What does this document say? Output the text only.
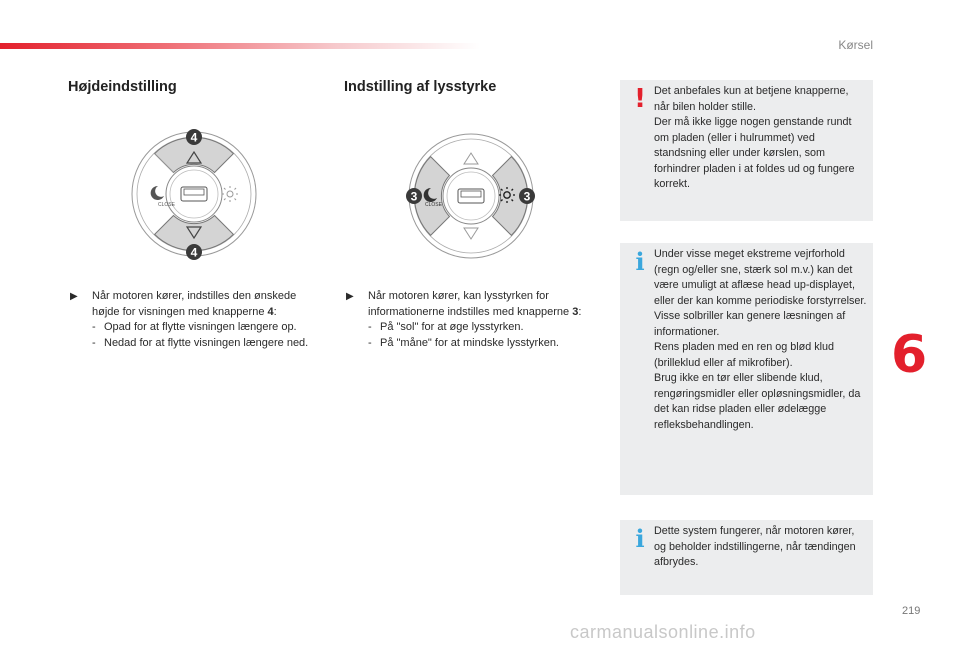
Kørsel
Højdeindstilling	Indstilling af lysstyrke
CLOSE
4
4
CLOSE
3	3
▶	Når motoren kører, indstilles den ønskede højde for visningen med knapperne 4:
- Opad for at flytte visningen længere op.
- Nedad for at flytte visningen længere ned.
▶	Når motoren kører, kan lysstyrken for informationerne indstilles med knapperne 3:
- På "sol" for at øge lysstyrken.
- På "måne" for at mindske lysstyrken.
! Det anbefales kun at betjene knapperne, når bilen holder stille.
Der må ikke ligge nogen genstande rundt om pladen (eller i hulrummet) ved standsning eller under kørslen, som forhindrer pladen i at foldes ud og fungere korrekt.
i Under visse meget ekstreme vejrforhold (regn og/eller sne, stærk sol m.v.) kan det være umuligt at aflæse head up-displayet, eller der kan komme periodiske forstyrrelser.
Visse solbriller kan genere læsningen af informationer.
Rens pladen med en ren og blød klud (brilleklud eller af mikrofiber).
Brug ikke en tør eller slibende klud, rengøringsmidler eller opløsningsmidler, da det kan ridse pladen eller ødelægge refleksbehandlingen.
i Dette system fungerer, når motoren kører, og beholder indstillingerne, når tændingen afbrydes.
6
219
carmanualsonline.info
